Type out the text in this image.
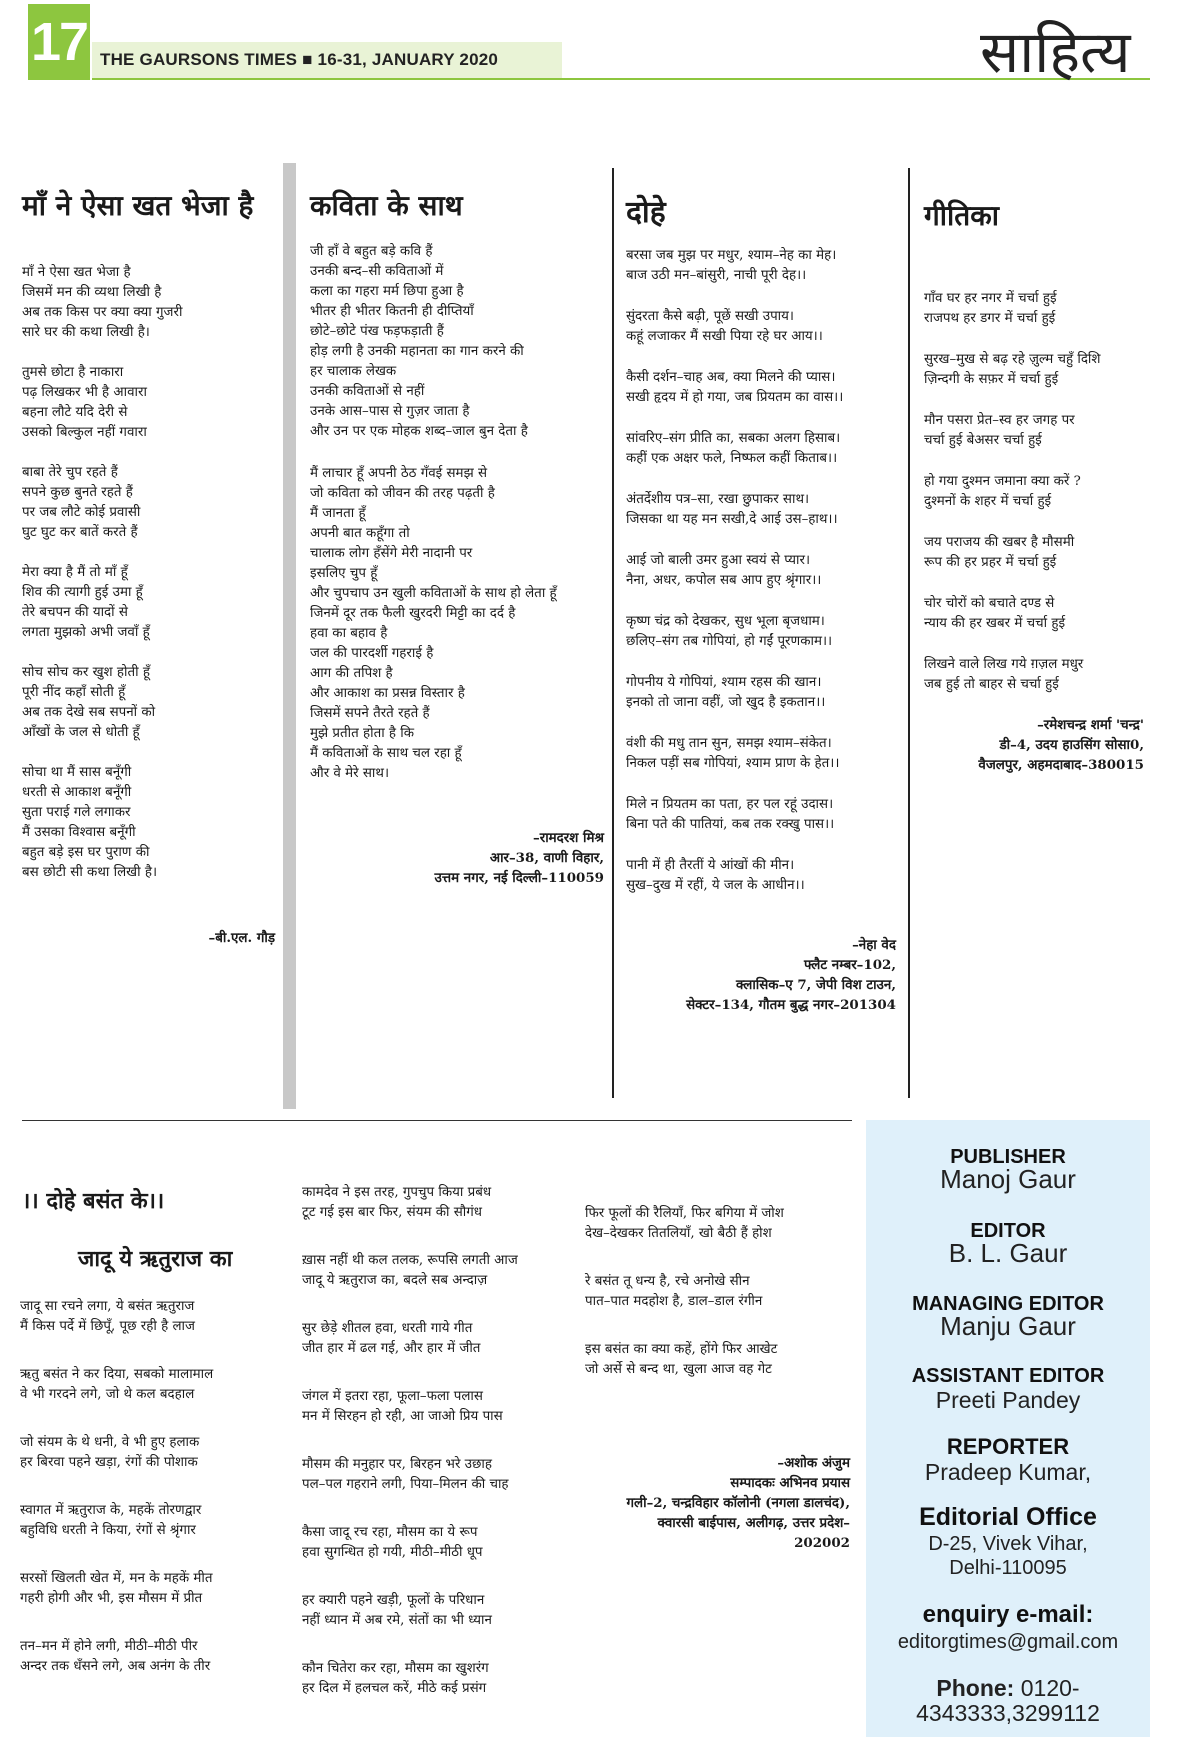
17 THE GAURSONS TIMES ■ 16-31, JANUARY 2020	साहित्य
माँ ने ऐसा खत भेजा है
माँ ने ऐसा खत भेजा है
जिसमें मन की व्यथा लिखी है
अब तक किस पर क्या क्या गुजरी
सारे घर की कथा लिखी है।
तुमसे छोटा है नाकारा
पढ़ लिखकर भी है आवारा
बहना लौटे यदि देरी से
उसको बिल्कुल नहीं गवारा
बाबा तेरे चुप रहते हैं
सपने कुछ बुनते रहते हैं
पर जब लौटे कोई प्रवासी
घुट घुट कर बातें करते हैं
मेरा क्या है मैं तो माँ हूँ
शिव की त्यागी हुई उमा हूँ
तेरे बचपन की यादों से
लगता मुझको अभी जवाँ हूँ
सोच सोच कर खुश होती हूँ
पूरी नींद कहाँ सोती हूँ
अब तक देखे सब सपनों को
आँखों के जल से धोती हूँ
सोचा था मैं सास बनूँगी
धरती से आकाश बनूँगी
सुता पराई गले लगाकर
मैं उसका विश्वास बनूँगी
बहुत बड़े इस घर पुराण की
बस छोटी सी कथा लिखी है।
–बी.एल. गौड़
कविता के साथ
जी हाँ वे बहुत बड़े कवि हैं
उनकी बन्द–सी कविताओं में
कला का गहरा मर्म छिपा हुआ है
भीतर ही भीतर कितनी ही दीप्तियाँ
छोटे–छोटे पंख फड़फड़ाती हैं
होड़ लगी है उनकी महानता का गान करने की
हर चालाक लेखक
उनकी कविताओं से नहीं
उनके आस–पास से गुज़र जाता है
और उन पर एक मोहक शब्द–जाल बुन देता है
मैं लाचार हूँ अपनी ठेठ गँवई समझ से
जो कविता को जीवन की तरह पढ़ती है
मैं जानता हूँ
अपनी बात कहूँगा तो
चालाक लोग हँसेंगे मेरी नादानी पर
इसलिए चुप हूँ
और चुपचाप उन खुली कविताओं के साथ हो लेता हूँ
जिनमें दूर तक फैली खुरदरी मिट्टी का दर्द है
हवा का बहाव है
जल की पारदर्शी गहराई है
आग की तपिश है
और आकाश का प्रसन्न विस्तार है
जिसमें सपने तैरते रहते हैं
मुझे प्रतीत होता है कि
मैं कविताओं के साथ चल रहा हूँ
और वे मेरे साथ।
–रामदरश मिश्र
आर–38, वाणी विहार,
उत्तम नगर, नई दिल्ली–110059
दोहे
बरसा जब मुझ पर मधुर, श्याम–नेह का मेह।
बाज उठी मन–बांसुरी, नाची पूरी देह।।
सुंदरता कैसे बढ़ी, पूछें सखी उपाय।
कहूं लजाकर मैं सखी पिया रहे घर आय।।
कैसी दर्शन–चाह अब, क्या मिलने की प्यास।
सखी हृदय में हो गया, जब प्रियतम का वास।।
सांवरिए–संग प्रीति का, सबका अलग हिसाब।
कहीं एक अक्षर फले, निष्फल कहीं किताब।।
अंतर्देशीय पत्र–सा, रखा छुपाकर साथ।
जिसका था यह मन सखी,दे आई उस–हाथ।।
आई जो बाली उमर हुआ स्वयं से प्यार।
नैना, अधर, कपोल सब आप हुए श्रृंगार।।
कृष्ण चंद्र को देखकर, सुध भूला बृजधाम।
छलिए–संग तब गोपियां, हो गईं पूरणकाम।।
गोपनीय ये गोपियां, श्याम रहस की खान।
इनको तो जाना वहीं, जो खुद है इकतान।।
वंशी की मधु तान सुन, समझ श्याम–संकेत।
निकल पड़ीं सब गोपियां, श्याम प्राण के हेत।।
मिले न प्रियतम का पता, हर पल रहूं उदास।
बिना पते की पातियां, कब तक रक्खु पास।।
पानी में ही तैरतीं ये आंखों की मीन।
सुख–दुख में रहीं, ये जल के आधीन।।
–नेहा वेद
फ्लैट नम्बर–102,
क्लासिक–ए 7, जेपी विश टाउन,
सेक्टर–134, गौतम बुद्ध नगर–201304
गीतिका
गाँव घर हर नगर में चर्चा हुई
राजपथ हर डगर में चर्चा हुई
सुरख–मुख से बढ़ रहे ज़ुल्म चहुँ दिशि
ज़िन्दगी के सफ़र में चर्चा हुई
मौन पसरा प्रेत–स्व हर जगह पर
चर्चा हुई बेअसर चर्चा हुई
हो गया दुश्मन जमाना क्या करें ?
दुश्मनों के शहर में चर्चा हुई
जय पराजय की खबर है मौसमी
रूप की हर प्रहर में चर्चा हुई
चोर चोरों को बचाते दण्ड से
न्याय की हर खबर में चर्चा हुई
लिखने वाले लिख गये ग़ज़ल मधुर
जब हुई तो बाहर से चर्चा हुई
–रमेशचन्द्र शर्मा 'चन्द्र'
डी–4, उदय हाउसिंग सोसा0,
वैजलपुर, अहमदाबाद–380015
।। दोहे बसंत के।।
जादू ये ऋतुराज का
जादू सा रचने लगा, ये बसंत ऋतुराज
मैं किस पर्दे में छिपूँ, पूछ रही है लाज
ऋतु बसंत ने कर दिया, सबको मालामाल
वे भी गरदने लगे, जो थे कल बदहाल
जो संयम के थे धनी, वे भी हुए हलाक
हर बिरवा पहने खड़ा, रंगों की पोशाक
स्वागत में ऋतुराज के, महकें तोरणद्वार
बहुविधि धरती ने किया, रंगों से श्रृंगार
सरसों खिलती खेत में, मन के महकें मीत
गहरी होगी और भी, इस मौसम में प्रीत
तन–मन में होने लगी, मीठी–मीठी पीर
अन्दर तक धँसने लगे, अब अनंग के तीर
कामदेव ने इस तरह, गुपचुप किया प्रबंध
टूट गई इस बार फिर, संयम की सौगंध
ख़ास नहीं थी कल तलक, रूपसि लगती आज
जादू ये ऋतुराज का, बदले सब अन्दाज़
सुर छेड़े शीतल हवा, धरती गाये गीत
जीत हार में ढल गई, और हार में जीत
जंगल में इतरा रहा, फूला–फला पलास
मन में सिरहन हो रही, आ जाओ प्रिय पास
मौसम की मनुहार पर, बिरहन भरे उछाह
पल–पल गहराने लगी, पिया–मिलन की चाह
कैसा जादू रच रहा, मौसम का ये रूप
हवा सुगन्धित हो गयी, मीठी–मीठी धूप
हर क्यारी पहने खड़ी, फूलों के परिधान
नहीं ध्यान में अब रमे, संतों का भी ध्यान
कौन चितेरा कर रहा, मौसम का खुशरंग
हर दिल में हलचल करें, मीठे कई प्रसंग
फिर फूलों की रैलियाँ, फिर बगिया में जोश
देख–देखकर तितलियाँ, खो बैठी हैं होश
रे बसंत तू धन्य है, रचे अनोखे सीन
पात–पात मदहोश है, डाल–डाल रंगीन
इस बसंत का क्या कहें, होंगे फिर आखेट
जो अर्से से बन्द था, खुला आज वह गेट
–अशोक अंजुम
सम्पादकः अभिनव प्रयास
गली–2, चन्द्रविहार कॉलोनी (नगला डालचंद),
क्वारसी बाईपास, अलीगढ़, उत्तर प्रदेश–
202002
PUBLISHER
Manoj Gaur
EDITOR
B. L. Gaur
MANAGING EDITOR
Manju Gaur
ASSISTANT EDITOR
Preeti Pandey
REPORTER
Pradeep Kumar,
Editorial Office
D-25, Vivek Vihar,
Delhi-110095
enquiry e-mail:
editorgtimes@gmail.com
Phone: 0120-
4343333,3299112
